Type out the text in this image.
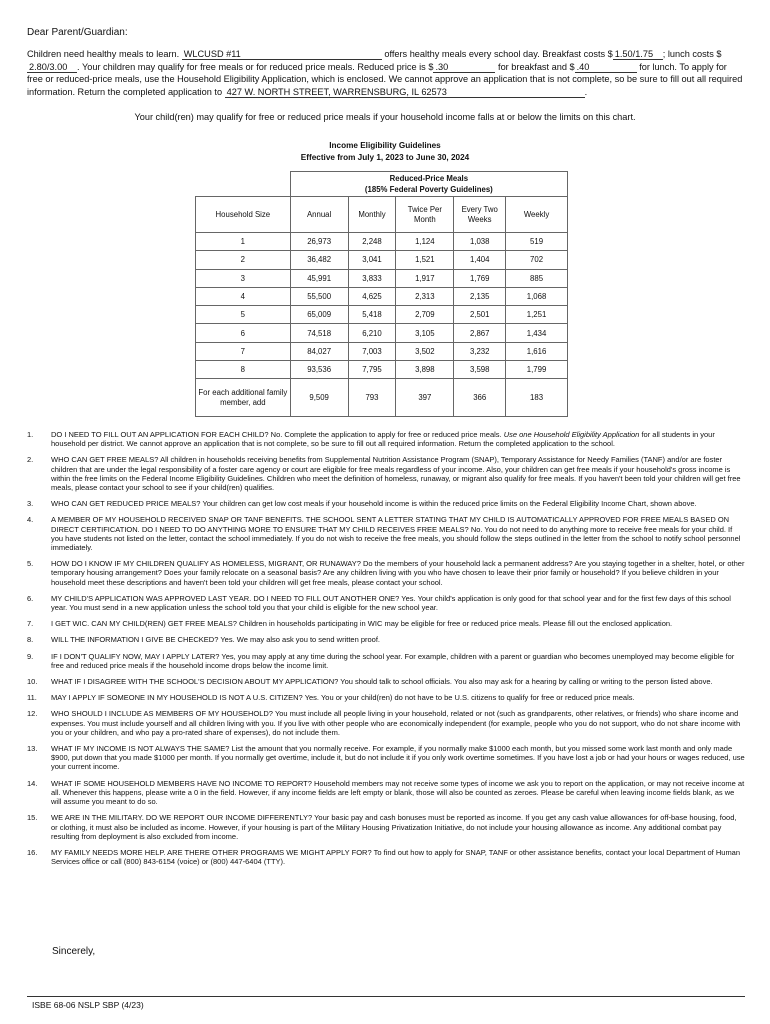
Dear Parent/Guardian:
Children need healthy meals to learn. WLCUSD #11	offers healthy meals every school day. Breakfast costs $ 1.50/1.75 ; lunch costs $2.80/3.00 . Your children may qualify for free meals or for reduced price meals. Reduced price is $ .30	for breakfast and $ .40	for lunch. To apply for free or reduced-price meals, use the Household Eligibility Application, which is enclosed. We cannot approve an application that is not complete, so be sure to fill out all required information. Return the completed application to 427 W. NORTH STREET, WARRENSBURG, IL 62573	.
Your child(ren) may qualify for free or reduced price meals if your household income falls at or below the limits on this chart.
Income Eligibility Guidelines
Effective from July 1, 2023 to June 30, 2024

	Reduced-Price Meals
(185% Federal Poverty Guidelines)				

Household Size	Annual	Monthly	Twice Per Month	Every Two Weeks	Weekly
1	26,973	2,248	1,124	1,038	519
2	36,482	3,041	1,521	1,404	702
3	45,991	3,833	1,917	1,769	885
4	55,500	4,625	2,313	2,135	1,068
5	65,009	5,418	2,709	2,501	1,251
6	74,518	6,210	3,105	2,867	1,434
7	84,027	7,003	3,502	3,232	1,616
8	93,536	7,795	3,898	3,598	1,799
For each additional family member, add	9,509	793	397	366	183
1. DO I NEED TO FILL OUT AN APPLICATION FOR EACH CHILD? No. Complete the application to apply for free or reduced price meals. Use one Household Eligibility Application for all students in your household per district. We cannot approve an application that is not complete, so be sure to fill out all required information. Return the completed application to the school.
2. WHO CAN GET FREE MEALS? All children in households receiving benefits from Supplemental Nutrition Assistance Program (SNAP), Temporary Assistance for Needy Families (TANF) and/or are foster children that are under the legal responsibility of a foster care agency or court are eligible for free meals regardless of your income. Also, your children can get free meals if your household's gross income is within the free limits on the Federal Income Eligibility Guidelines. Children who meet the definition of homeless, runaway, or migrant also qualify for free meals. If you haven't been told your children will get free meals, please contact your school to see if your child(ren) qualifies.
3. WHO CAN GET REDUCED PRICE MEALS? Your children can get low cost meals if your household income is within the reduced price limits on the Federal Eligibility Income Chart, shown above.
4. A MEMBER OF MY HOUSEHOLD RECEIVED SNAP OR TANF BENEFITS. THE SCHOOL SENT A LETTER STATING THAT MY CHILD IS AUTOMATICALLY APPROVED FOR FREE MEALS BASED ON DIRECT CERTIFICATION. DO I NEED TO DO ANYTHING MORE TO ENSURE THAT MY CHILD RECEIVES FREE MEALS? No. You do not need to do anything more to receive free meals for your child. If you have students not listed on the letter, contact the school immediately. If you do not wish to receive the free meals, you should follow the steps outlined in the letter from the school to notify school personnel immediately.
5. HOW DO I KNOW IF MY CHILDREN QUALIFY AS HOMELESS, MIGRANT, OR RUNAWAY? Do the members of your household lack a permanent address? Are you staying together in a shelter, hotel, or other temporary housing arrangement? Does your family relocate on a seasonal basis? Are any children living with you who have chosen to leave their prior family or household? If you believe children in your household meet these descriptions and haven't been told your children will get free meals, please contact your school.
6. MY CHILD'S APPLICATION WAS APPROVED LAST YEAR. DO I NEED TO FILL OUT ANOTHER ONE? Yes. Your child's application is only good for that school year and for the first few days of this school year. You must send in a new application unless the school told you that your child is eligible for the new school year.
7. I GET WIC. CAN MY CHILD(REN) GET FREE MEALS? Children in households participating in WIC may be eligible for free or reduced price meals. Please fill out the enclosed application.
8. WILL THE INFORMATION I GIVE BE CHECKED? Yes. We may also ask you to send written proof.
9. IF I DON'T QUALIFY NOW, MAY I APPLY LATER? Yes, you may apply at any time during the school year. For example, children with a parent or guardian who becomes unemployed may become eligible for free and reduced price meals if the household income drops below the income limit.
10. WHAT IF I DISAGREE WITH THE SCHOOL'S DECISION ABOUT MY APPLICATION? You should talk to school officials. You also may ask for a hearing by calling or writing to the person listed above.
11. MAY I APPLY IF SOMEONE IN MY HOUSEHOLD IS NOT A U.S. CITIZEN? Yes. You or your child(ren) do not have to be U.S. citizens to qualify for free or reduced price meals.
12. WHO SHOULD I INCLUDE AS MEMBERS OF MY HOUSEHOLD? You must include all people living in your household, related or not (such as grandparents, other relatives, or friends) who share income and expenses. You must include yourself and all children living with you. If you live with other people who are economically independent (for example, people who you do not support, who do not share income with you or your children, and who pay a pro-rated share of expenses), do not include them.
13. WHAT IF MY INCOME IS NOT ALWAYS THE SAME? List the amount that you normally receive. For example, if you normally make $1000 each month, but you missed some work last month and only made $900, put down that you made $1000 per month. If you normally get overtime, include it, but do not include it if you only work overtime sometimes. If you have lost a job or had your hours or wages reduced, use your current income.
14. WHAT IF SOME HOUSEHOLD MEMBERS HAVE NO INCOME TO REPORT? Household members may not receive some types of income we ask you to report on the application, or may not receive income at all. Whenever this happens, please write a 0 in the field. However, if any income fields are left empty or blank, those will also be counted as zeroes. Please be careful when leaving income fields blank, as we will assume you meant to do so.
15. WE ARE IN THE MILITARY. DO WE REPORT OUR INCOME DIFFERENTLY? Your basic pay and cash bonuses must be reported as income. If you get any cash value allowances for off-base housing, food, or clothing, it must also be included as income. However, if your housing is part of the Military Housing Privatization Initiative, do not include your housing allowance as income. Any additional combat pay resulting from deployment is also excluded from income.
16. MY FAMILY NEEDS MORE HELP. ARE THERE OTHER PROGRAMS WE MIGHT APPLY FOR? To find out how to apply for SNAP, TANF or other assistance benefits, contact your local Department of Human Services office or call (800) 843-6154 (voice) or (800) 447-6404 (TTY).
Sincerely,
ISBE 68-06 NSLP SBP (4/23)
